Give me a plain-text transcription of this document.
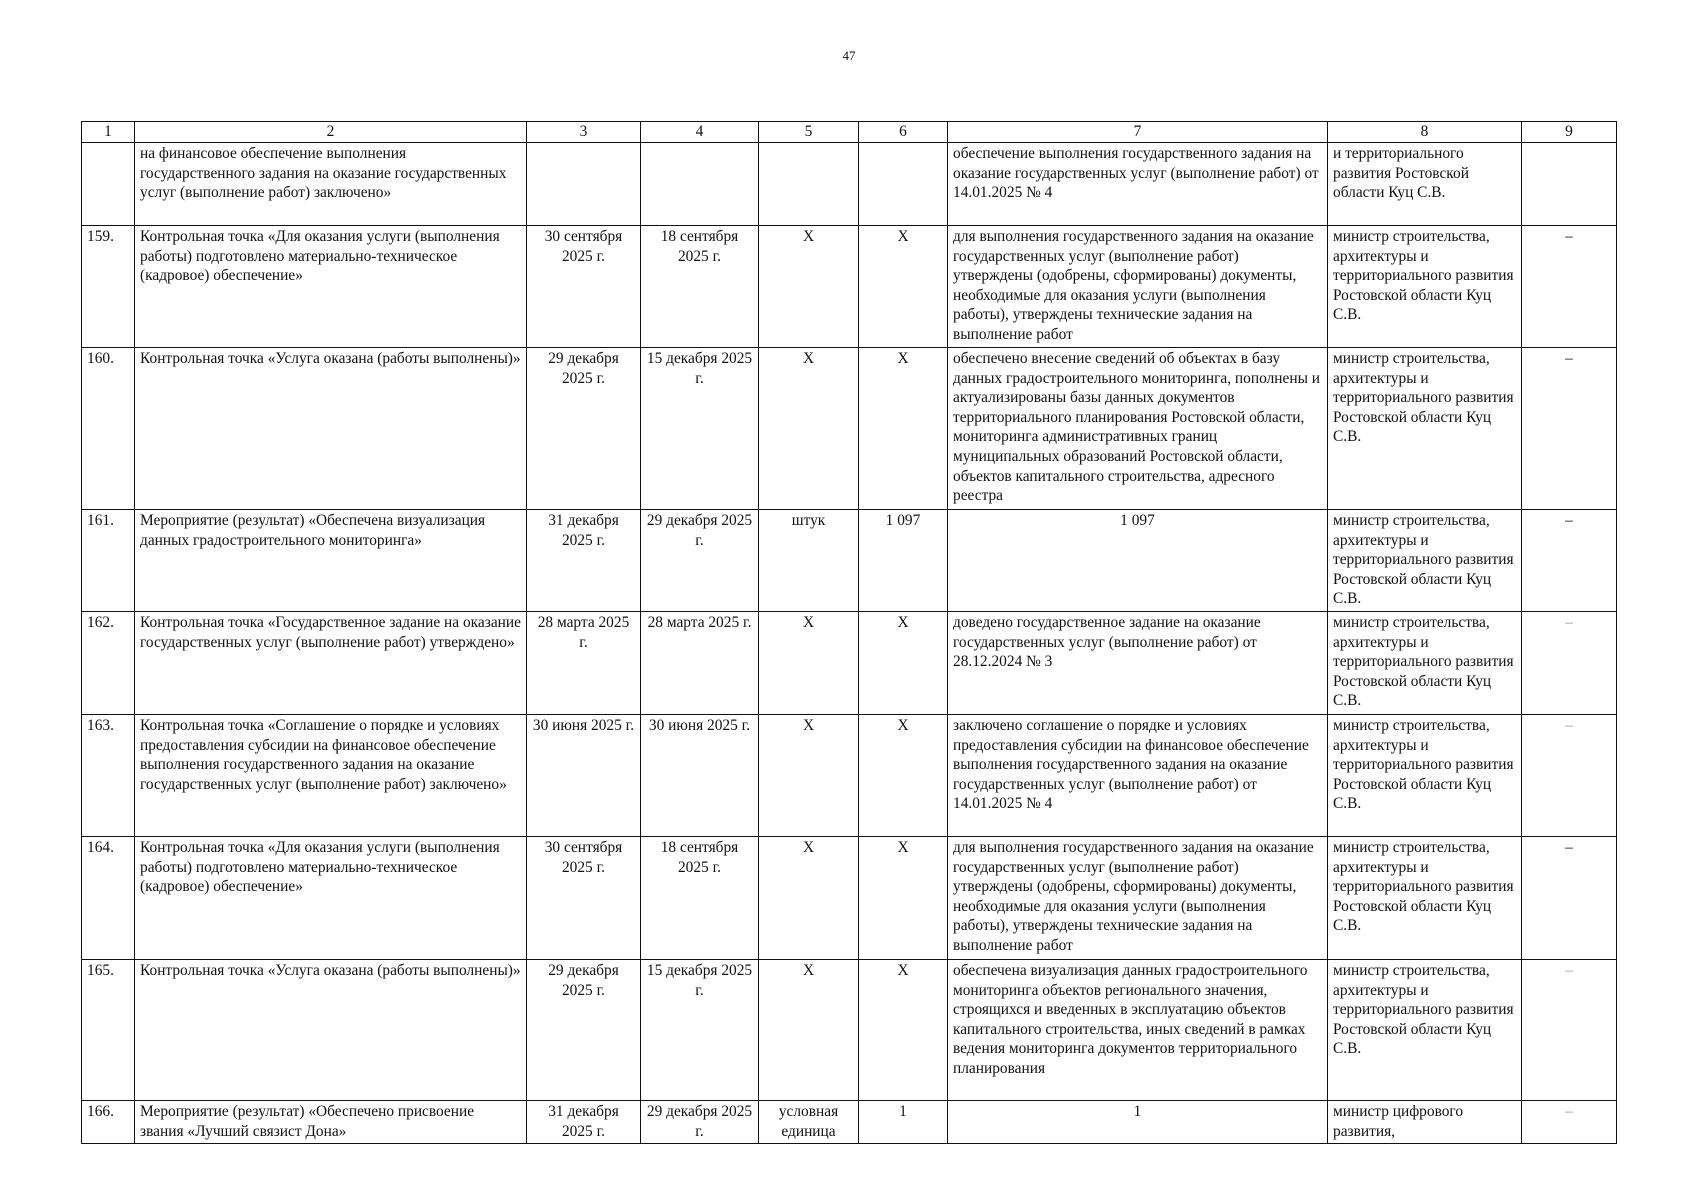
47
1	2	3	4	5	6	7	8	9
	на финансовое обеспечение выполнения государственного задания на оказание государственных услуг (выполнение работ) заключено»					обеспечение выполнения государственного задания на оказание государственных услуг (выполнение работ) от 14.01.2025 № 4	и территориального развития Ростовской области Куц С.В.	
159.	Контрольная точка «Для оказания услуги (выполнения работы) подготовлено материально-техническое (кадровое) обеспечение»	30 сентября 2025 г.	18 сентября 2025 г.	X	X	для выполнения государственного задания на оказание государственных услуг (выполнение работ) утверждены (одобрены, сформированы) документы, необходимые для оказания услуги (выполнения работы), утверждены технические задания на выполнение работ	министр строительства, архитектуры и территориального развития Ростовской области Куц С.В.	–
160.	Контрольная точка «Услуга оказана (работы выполнены)»	29 декабря 2025 г.	15 декабря 2025 г.	X	X	обеспечено внесение сведений об объектах в базу данных градостроительного мониторинга, пополнены и актуализированы базы данных документов территориального планирования Ростовской области, мониторинга административных границ муниципальных образований Ростовской области, объектов капитального строительства, адресного реестра	министр строительства, архитектуры и территориального развития Ростовской области Куц С.В.	–
161.	Мероприятие (результат) «Обеспечена визуализация данных градостроительного мониторинга»	31 декабря 2025 г.	29 декабря 2025 г.	штук	1 097	1 097	министр строительства, архитектуры и территориального развития Ростовской области Куц С.В.	–
162.	Контрольная точка «Государственное задание на оказание государственных услуг (выполнение работ) утверждено»	28 марта 2025 г.	28 марта 2025 г.	X	X	доведено государственное задание на оказание государственных услуг (выполнение работ) от 28.12.2024 № 3	министр строительства, архитектуры и территориального развития Ростовской области Куц С.В.	–
163.	Контрольная точка «Соглашение о порядке и условиях предоставления субсидии на финансовое обеспечение выполнения государственного задания на оказание государственных услуг (выполнение работ) заключено»	30 июня 2025 г.	30 июня 2025 г.	X	X	заключено соглашение о порядке и условиях предоставления субсидии на финансовое обеспечение выполнения государственного задания на оказание государственных услуг (выполнение работ) от 14.01.2025 № 4	министр строительства, архитектуры и территориального развития Ростовской области Куц С.В.	–
164.	Контрольная точка «Для оказания услуги (выполнения работы) подготовлено материально-техническое (кадровое) обеспечение»	30 сентября 2025 г.	18 сентября 2025 г.	X	X	для выполнения государственного задания на оказание государственных услуг (выполнение работ) утверждены (одобрены, сформированы) документы, необходимые для оказания услуги (выполнения работы), утверждены технические задания на выполнение работ	министр строительства, архитектуры и территориального развития Ростовской области Куц С.В.	–
165.	Контрольная точка «Услуга оказана (работы выполнены)»	29 декабря 2025 г.	15 декабря 2025 г.	X	X	обеспечена визуализация данных градостроительного мониторинга объектов регионального значения, строящихся и введенных в эксплуатацию объектов капитального строительства, иных сведений в рамках ведения мониторинга документов территориального планирования	министр строительства, архитектуры и территориального развития Ростовской области Куц С.В.	–
166.	Мероприятие (результат) «Обеспечено присвоение звания «Лучший связист Дона»	31 декабря 2025 г.	29 декабря 2025 г.	условная единица	1	1	министр цифрового развития,	–
